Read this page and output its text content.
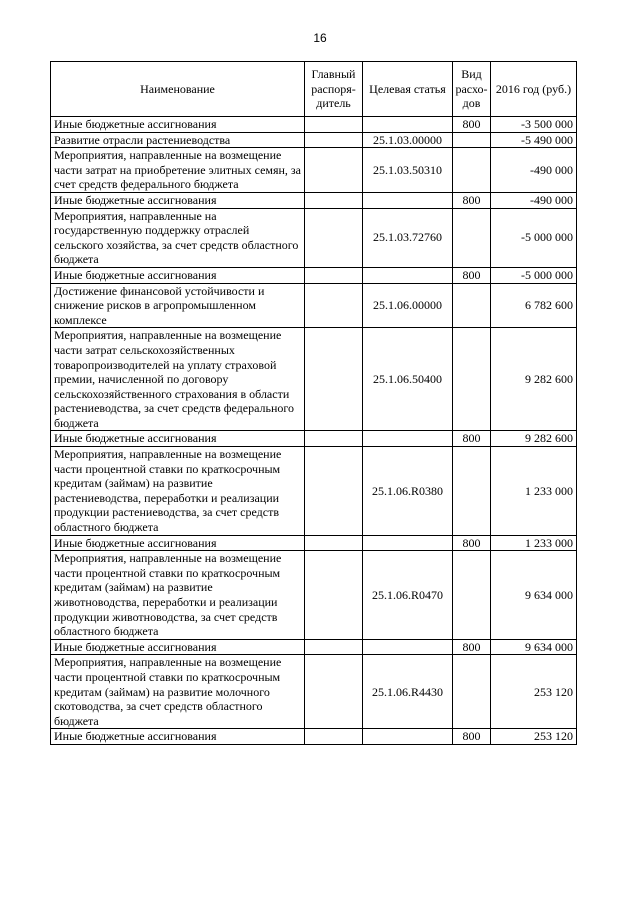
16
Наименование	Главный распоря-дитель	Целевая статья	Вид расхо-дов	2016 год (руб.)
Иные бюджетные ассигнования			800	-3 500 000
Развитие отрасли растениеводства		25.1.03.00000		-5 490 000
Мероприятия, направленные на возмещение части затрат на приобретение элитных семян, за счет средств федерального бюджета		25.1.03.50310		-490 000
Иные бюджетные ассигнования			800	-490 000
Мероприятия, направленные на государственную поддержку отраслей сельского хозяйства, за счет средств областного бюджета		25.1.03.72760		-5 000 000
Иные бюджетные ассигнования			800	-5 000 000
Достижение финансовой устойчивости и снижение рисков в агропромышленном комплексе		25.1.06.00000		6 782 600
Мероприятия, направленные на возмещение части затрат сельскохозяйственных товаропроизводителей на уплату страховой премии, начисленной по договору сельскохозяйственного страхования в области растениеводства, за счет средств федерального бюджета		25.1.06.50400		9 282 600
Иные бюджетные ассигнования			800	9 282 600
Мероприятия, направленные на возмещение части процентной ставки по краткосрочным кредитам (займам) на развитие растениеводства, переработки и реализации продукции растениеводства, за счет средств областного бюджета		25.1.06.R0380		1 233 000
Иные бюджетные ассигнования			800	1 233 000
Мероприятия, направленные на возмещение части процентной ставки по краткосрочным кредитам (займам) на развитие животноводства, переработки и реализации продукции животноводства, за счет средств областного бюджета		25.1.06.R0470		9 634 000
Иные бюджетные ассигнования			800	9 634 000
Мероприятия, направленные на возмещение части процентной ставки по краткосрочным кредитам (займам) на развитие молочного скотоводства, за счет средств областного бюджета		25.1.06.R4430		253 120
Иные бюджетные ассигнования			800	253 120
